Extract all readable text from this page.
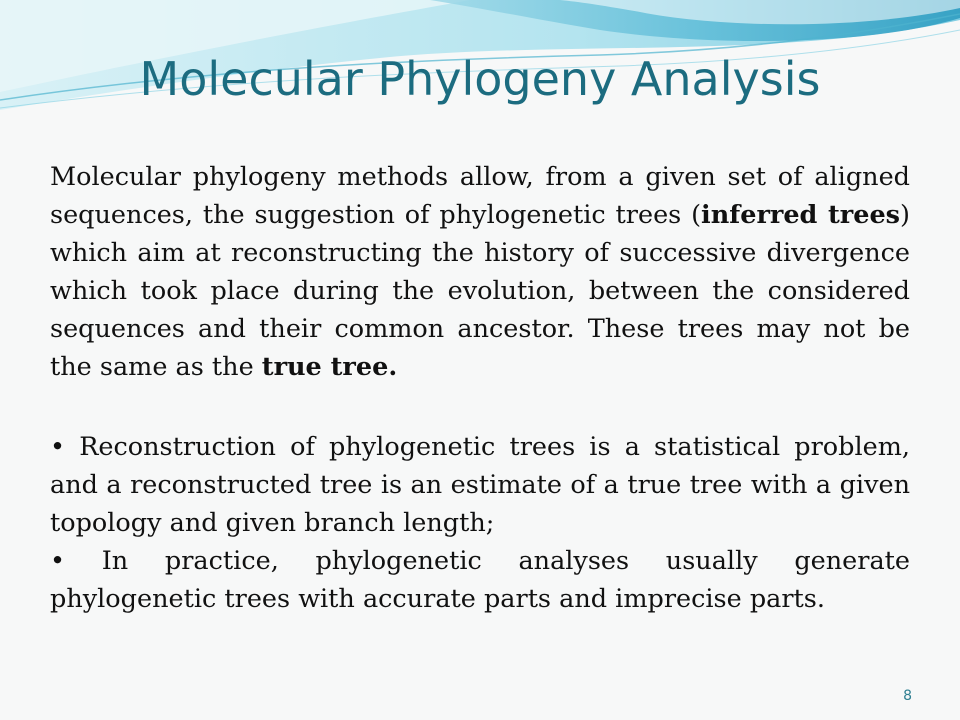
Molecular Phylogeny Analysis

Molecular phylogeny methods allow, from a given set of aligned sequences, the suggestion of phylogenetic trees (inferred trees) which aim at reconstructing the history of successive divergence which took place during the evolution, between the considered sequences and their common ancestor. These trees may not be the same as the true tree.

• Reconstruction of phylogenetic trees is a statistical problem, and a reconstructed tree is an estimate of a true tree with a given topology and given branch length;

• In practice, phylogenetic analyses usually generate phylogenetic trees with accurate parts and imprecise parts.

8
